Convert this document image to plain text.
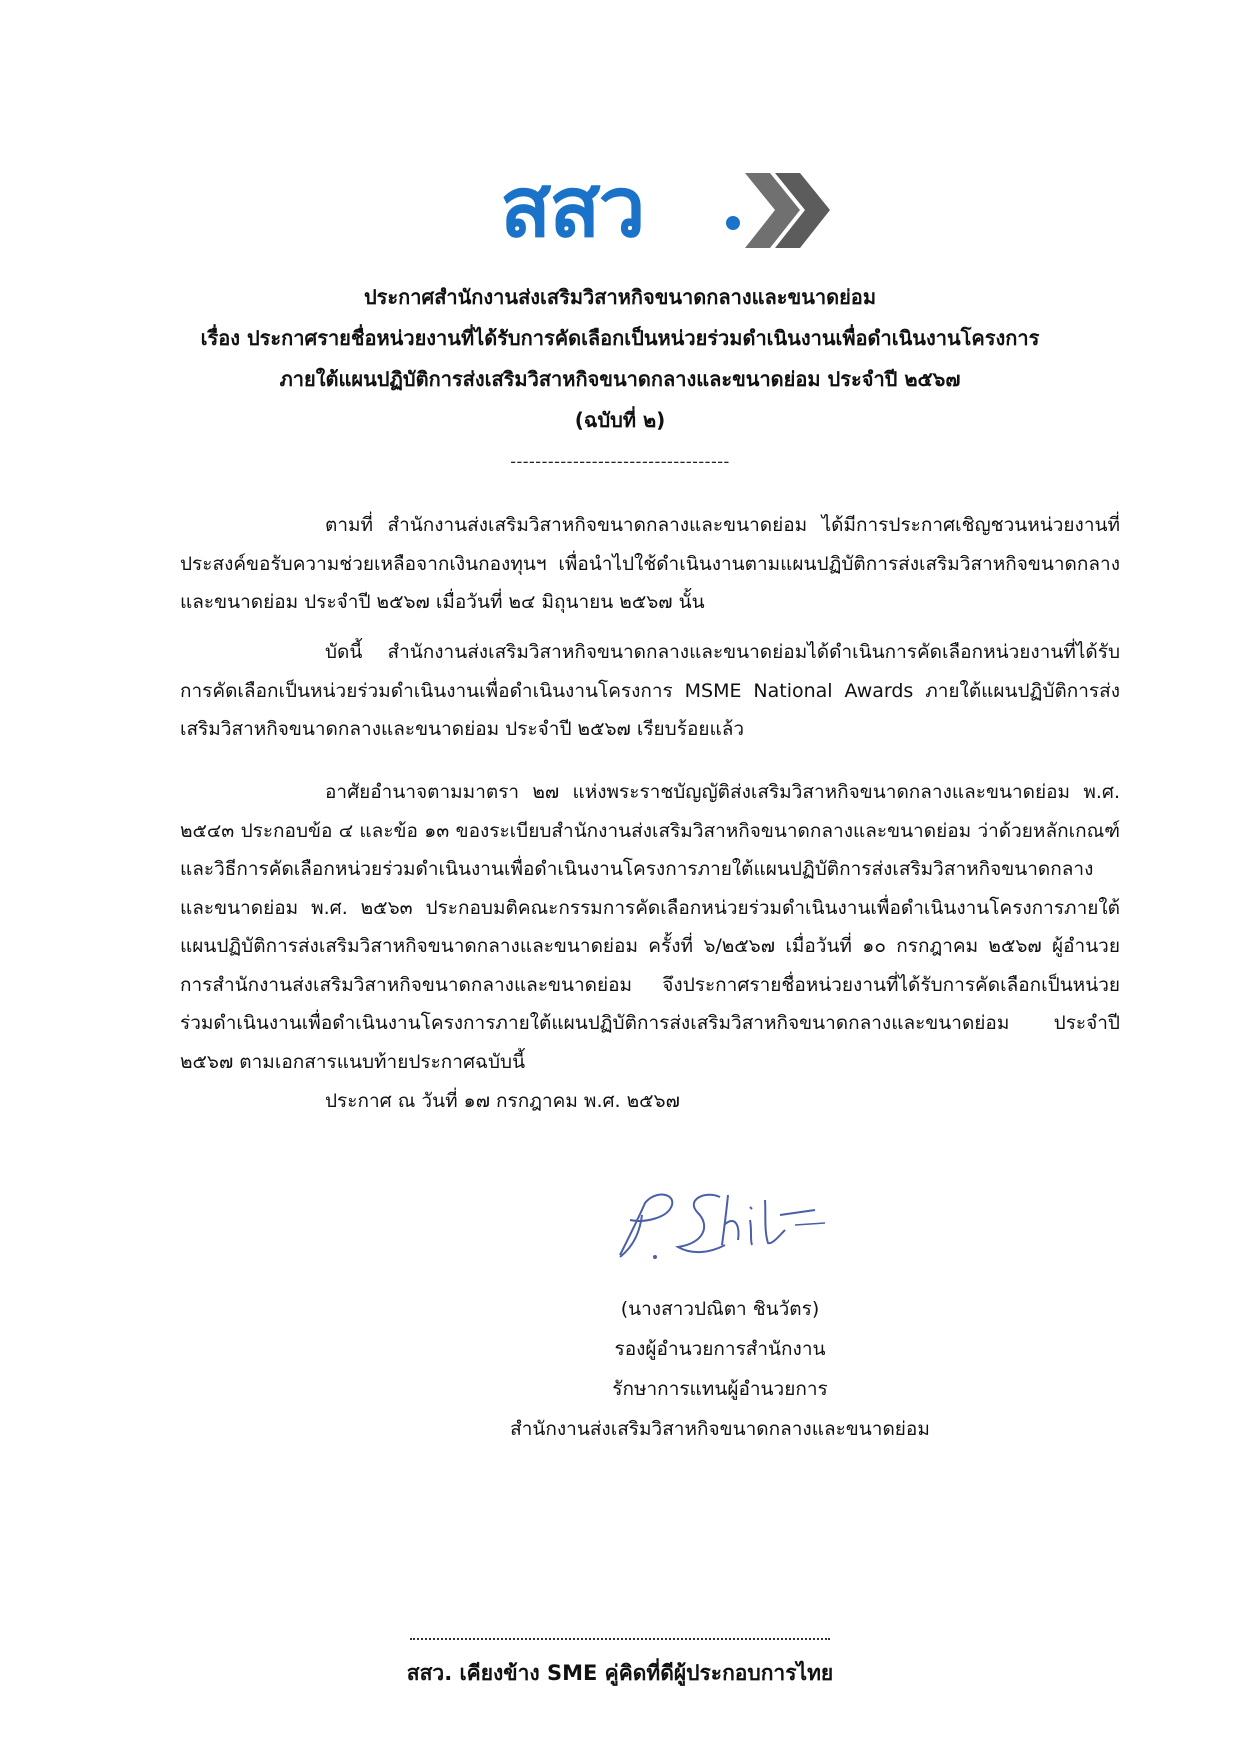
สสว
ประกาศสำนักงานส่งเสริมวิสาหกิจขนาดกลางและขนาดย่อม
เรื่อง ประกาศรายชื่อหน่วยงานที่ได้รับการคัดเลือกเป็นหน่วยร่วมดำเนินงานเพื่อดำเนินงานโครงการ
ภายใต้แผนปฏิบัติการส่งเสริมวิสาหกิจขนาดกลางและขนาดย่อม ประจำปี ๒๕๖๗
(ฉบับที่ ๒)
-----------------------------------
ตามที่ สำนักงานส่งเสริมวิสาหกิจขนาดกลางและขนาดย่อม ได้มีการประกาศเชิญชวนหน่วยงานที่ประสงค์ขอรับความช่วยเหลือจากเงินกองทุนฯ เพื่อนำไปใช้ดำเนินงานตามแผนปฏิบัติการส่งเสริมวิสาหกิจขนาดกลางและขนาดย่อม ประจำปี ๒๕๖๗ เมื่อวันที่ ๒๔ มิถุนายน ๒๕๖๗ นั้น
บัดนี้ สำนักงานส่งเสริมวิสาหกิจขนาดกลางและขนาดย่อมได้ดำเนินการคัดเลือกหน่วยงานที่ได้รับการคัดเลือกเป็นหน่วยร่วมดำเนินงานเพื่อดำเนินงานโครงการ MSME National Awards ภายใต้แผนปฏิบัติการส่งเสริมวิสาหกิจขนาดกลางและขนาดย่อม ประจำปี ๒๕๖๗ เรียบร้อยแล้ว
อาศัยอำนาจตามมาตรา ๒๗ แห่งพระราชบัญญัติส่งเสริมวิสาหกิจขนาดกลางและขนาดย่อม พ.ศ. ๒๕๔๓ ประกอบข้อ ๔ และข้อ ๑๓ ของระเบียบสำนักงานส่งเสริมวิสาหกิจขนาดกลางและขนาดย่อม ว่าด้วยหลักเกณฑ์และวิธีการคัดเลือกหน่วยร่วมดำเนินงานเพื่อดำเนินงานโครงการภายใต้แผนปฏิบัติการส่งเสริมวิสาหกิจขนาดกลางและขนาดย่อม พ.ศ. ๒๕๖๓ ประกอบมติคณะกรรมการคัดเลือกหน่วยร่วมดำเนินงานเพื่อดำเนินงานโครงการภายใต้แผนปฏิบัติการส่งเสริมวิสาหกิจขนาดกลางและขนาดย่อม ครั้งที่ ๖/๒๕๖๗ เมื่อวันที่ ๑๐ กรกฎาคม ๒๕๖๗ ผู้อำนวยการสำนักงานส่งเสริมวิสาหกิจขนาดกลางและขนาดย่อม จึงประกาศรายชื่อหน่วยงานที่ได้รับการคัดเลือกเป็นหน่วยร่วมดำเนินงานเพื่อดำเนินงานโครงการภายใต้แผนปฏิบัติการส่งเสริมวิสาหกิจขนาดกลางและขนาดย่อม ประจำปี ๒๕๖๗ ตามเอกสารแนบท้ายประกาศฉบับนี้
ประกาศ ณ วันที่ ๑๗ กรกฎาคม พ.ศ. ๒๕๖๗
(นางสาวปณิตา ชินวัตร)
รองผู้อำนวยการสำนักงาน
รักษาการแทนผู้อำนวยการ
สำนักงานส่งเสริมวิสาหกิจขนาดกลางและขนาดย่อม
สสว. เคียงข้าง SME คู่คิดที่ดีผู้ประกอบการไทย
